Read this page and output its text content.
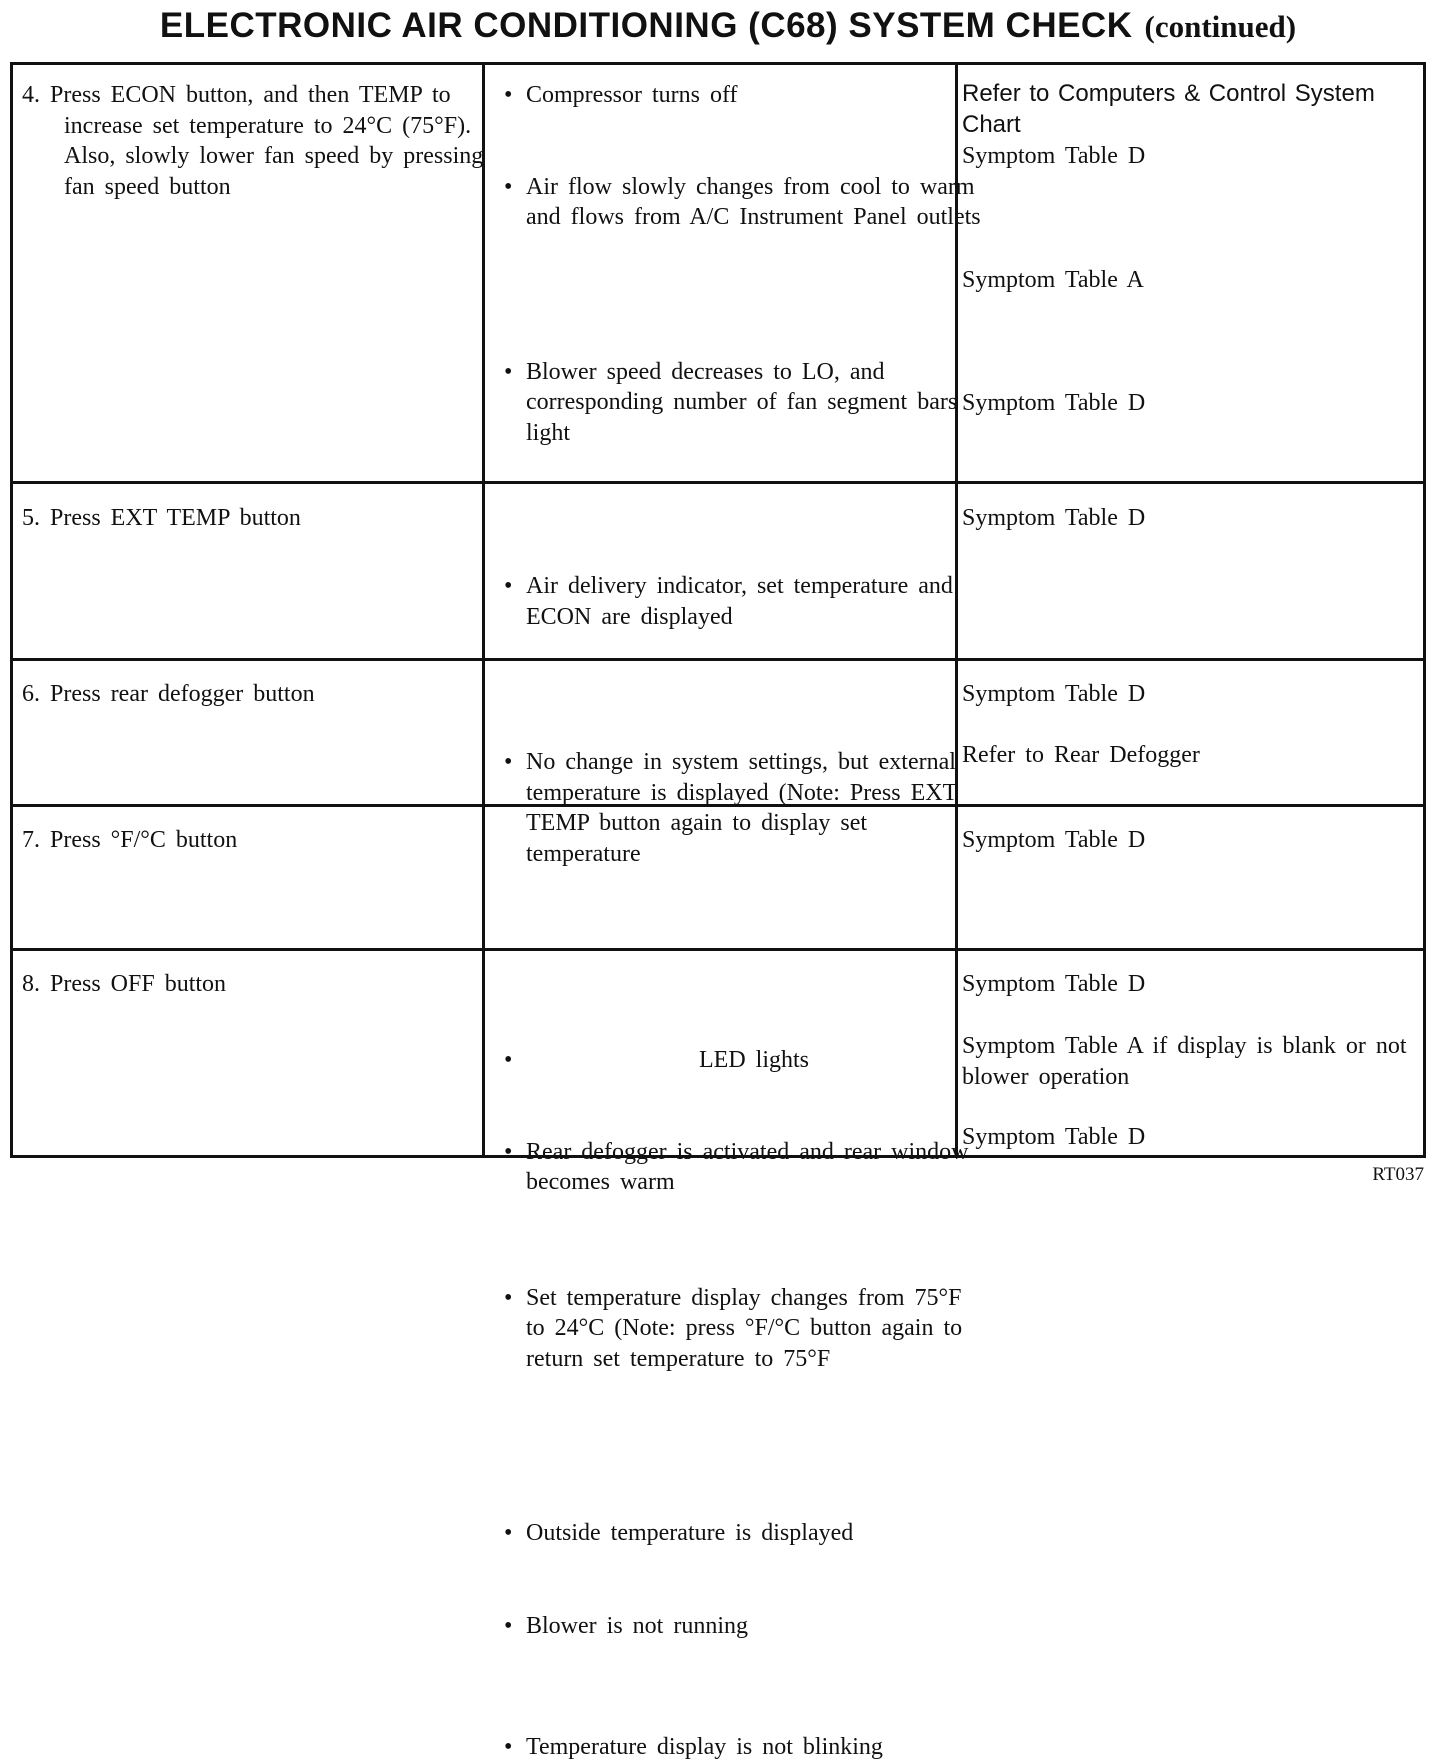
ELECTRONIC AIR CONDITIONING (C68) SYSTEM CHECK (continued)
4. Press ECON button, and then TEMP to increase set temperature to 24°C (75°F). Also, slowly lower fan speed by pressing fan speed button
• Compressor turns off
• Air flow slowly changes from cool to warm and flows from A/C Instrument Panel outlets
• Blower speed decreases to LO, and corresponding number of fan segment bars light
• Air delivery indicator, set temperature and ECON are displayed
Refer to Computers & Control System Chart
Symptom Table D
Symptom Table A
Symptom Table D
5. Press EXT TEMP button
• No change in system settings, but external temperature is displayed (Note: Press EXT TEMP button again to display set temperature
Symptom Table D
6. Press rear defogger button
• LED lights
• Rear defogger is activated and rear window becomes warm
Symptom Table D
Refer to Rear Defogger
7. Press °F/°C button
• Set temperature display changes from 75°F to 24°C (Note: press °F/°C button again to return set temperature to 75°F
Symptom Table D
8. Press OFF button
• Outside temperature is displayed
• Blower is not running
• Temperature display is not blinking
Symptom Table D
Symptom Table A if display is blank or not blower operation
Symptom Table D
RT037
